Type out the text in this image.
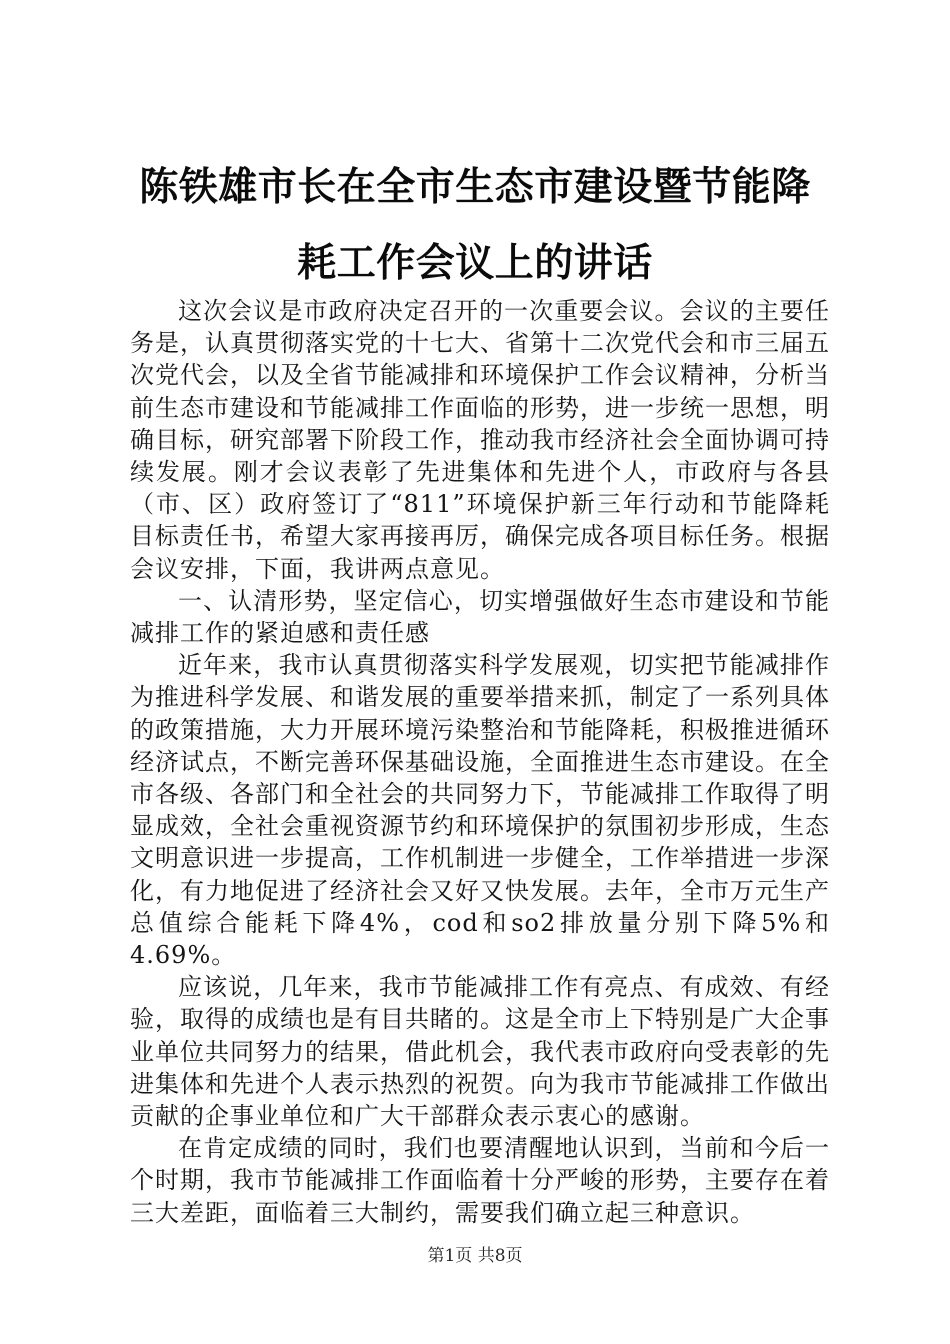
陈铁雄市长在全市生态市建设暨节能降耗工作会议上的讲话

这次会议是市政府决定召开的一次重要会议。会议的主要任务是，认真贯彻落实党的十七大、省第十二次党代会和市三届五次党代会，以及全省节能减排和环境保护工作会议精神，分析当前生态市建设和节能减排工作面临的形势，进一步统一思想，明确目标，研究部署下阶段工作，推动我市经济社会全面协调可持续发展。刚才会议表彰了先进集体和先进个人，市政府与各县（市、区）政府签订了“811”环境保护新三年行动和节能降耗目标责任书，希望大家再接再厉，确保完成各项目标任务。根据会议安排，下面，我讲两点意见。

一、认清形势，坚定信心，切实增强做好生态市建设和节能减排工作的紧迫感和责任感

近年来，我市认真贯彻落实科学发展观，切实把节能减排作为推进科学发展、和谐发展的重要举措来抓，制定了一系列具体的政策措施，大力开展环境污染整治和节能降耗，积极推进循环经济试点，不断完善环保基础设施，全面推进生态市建设。在全市各级、各部门和全社会的共同努力下，节能减排工作取得了明显成效，全社会重视资源节约和环境保护的氛围初步形成，生态文明意识进一步提高，工作机制进一步健全，工作举措进一步深化，有力地促进了经济社会又好又快发展。去年，全市万元生产总值综合能耗下降4%，cod和so2排放量分别下降5%和4.69%。

应该说，几年来，我市节能减排工作有亮点、有成效、有经验，取得的成绩也是有目共睹的。这是全市上下特别是广大企事业单位共同努力的结果，借此机会，我代表市政府向受表彰的先进集体和先进个人表示热烈的祝贺。向为我市节能减排工作做出贡献的企事业单位和广大干部群众表示衷心的感谢。

在肯定成绩的同时，我们也要清醒地认识到，当前和今后一个时期，我市节能减排工作面临着十分严峻的形势，主要存在着三大差距，面临着三大制约，需要我们确立起三种意识。

第1页 共8页
